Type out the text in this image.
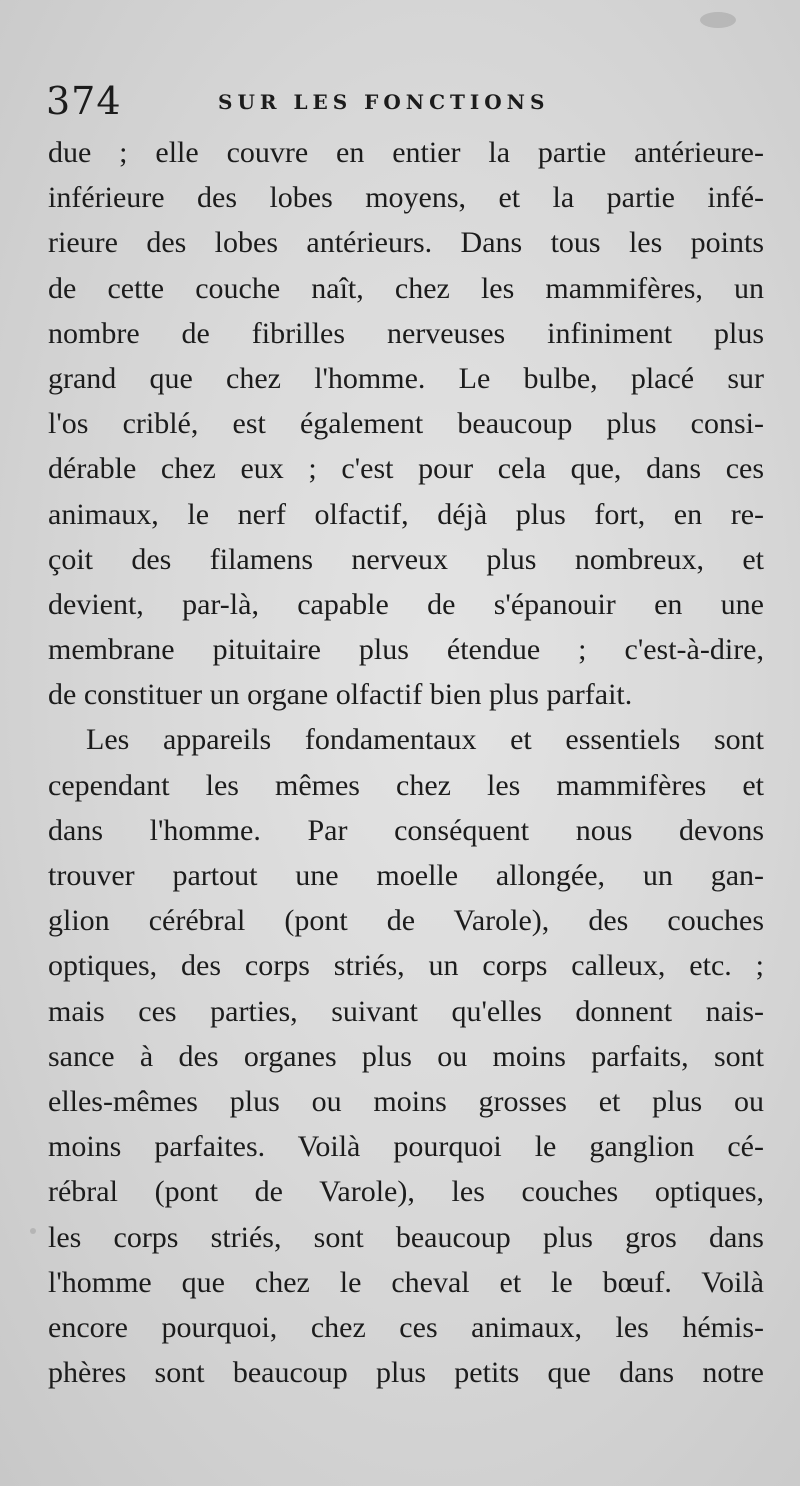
374	SUR LES FONCTIONS
due ; elle couvre en entier la partie antérieure-
inférieure des lobes moyens, et la partie infé-
rieure des lobes antérieurs. Dans tous les points
de cette couche naît, chez les mammifères, un
nombre de fibrilles nerveuses infiniment plus
grand que chez l'homme. Le bulbe, placé sur
l'os criblé, est également beaucoup plus consi-
dérable chez eux ; c'est pour cela que, dans ces
animaux, le nerf olfactif, déjà plus fort, en re-
çoit des filamens nerveux plus nombreux, et
devient, par-là, capable de s'épanouir en une
membrane pituitaire plus étendue ; c'est-à-dire,
de constituer un organe olfactif bien plus parfait.
Les appareils fondamentaux et essentiels sont
cependant les mêmes chez les mammifères et
dans l'homme. Par conséquent nous devons
trouver partout une moelle allongée, un gan-
glion cérébral (pont de Varole), des couches
optiques, des corps striés, un corps calleux, etc. ;
mais ces parties, suivant qu'elles donnent nais-
sance à des organes plus ou moins parfaits, sont
elles-mêmes plus ou moins grosses et plus ou
moins parfaites. Voilà pourquoi le ganglion cé-
rébral (pont de Varole), les couches optiques,
les corps striés, sont beaucoup plus gros dans
l'homme que chez le cheval et le bœuf. Voilà
encore pourquoi, chez ces animaux, les hémis-
phères sont beaucoup plus petits que dans notre
